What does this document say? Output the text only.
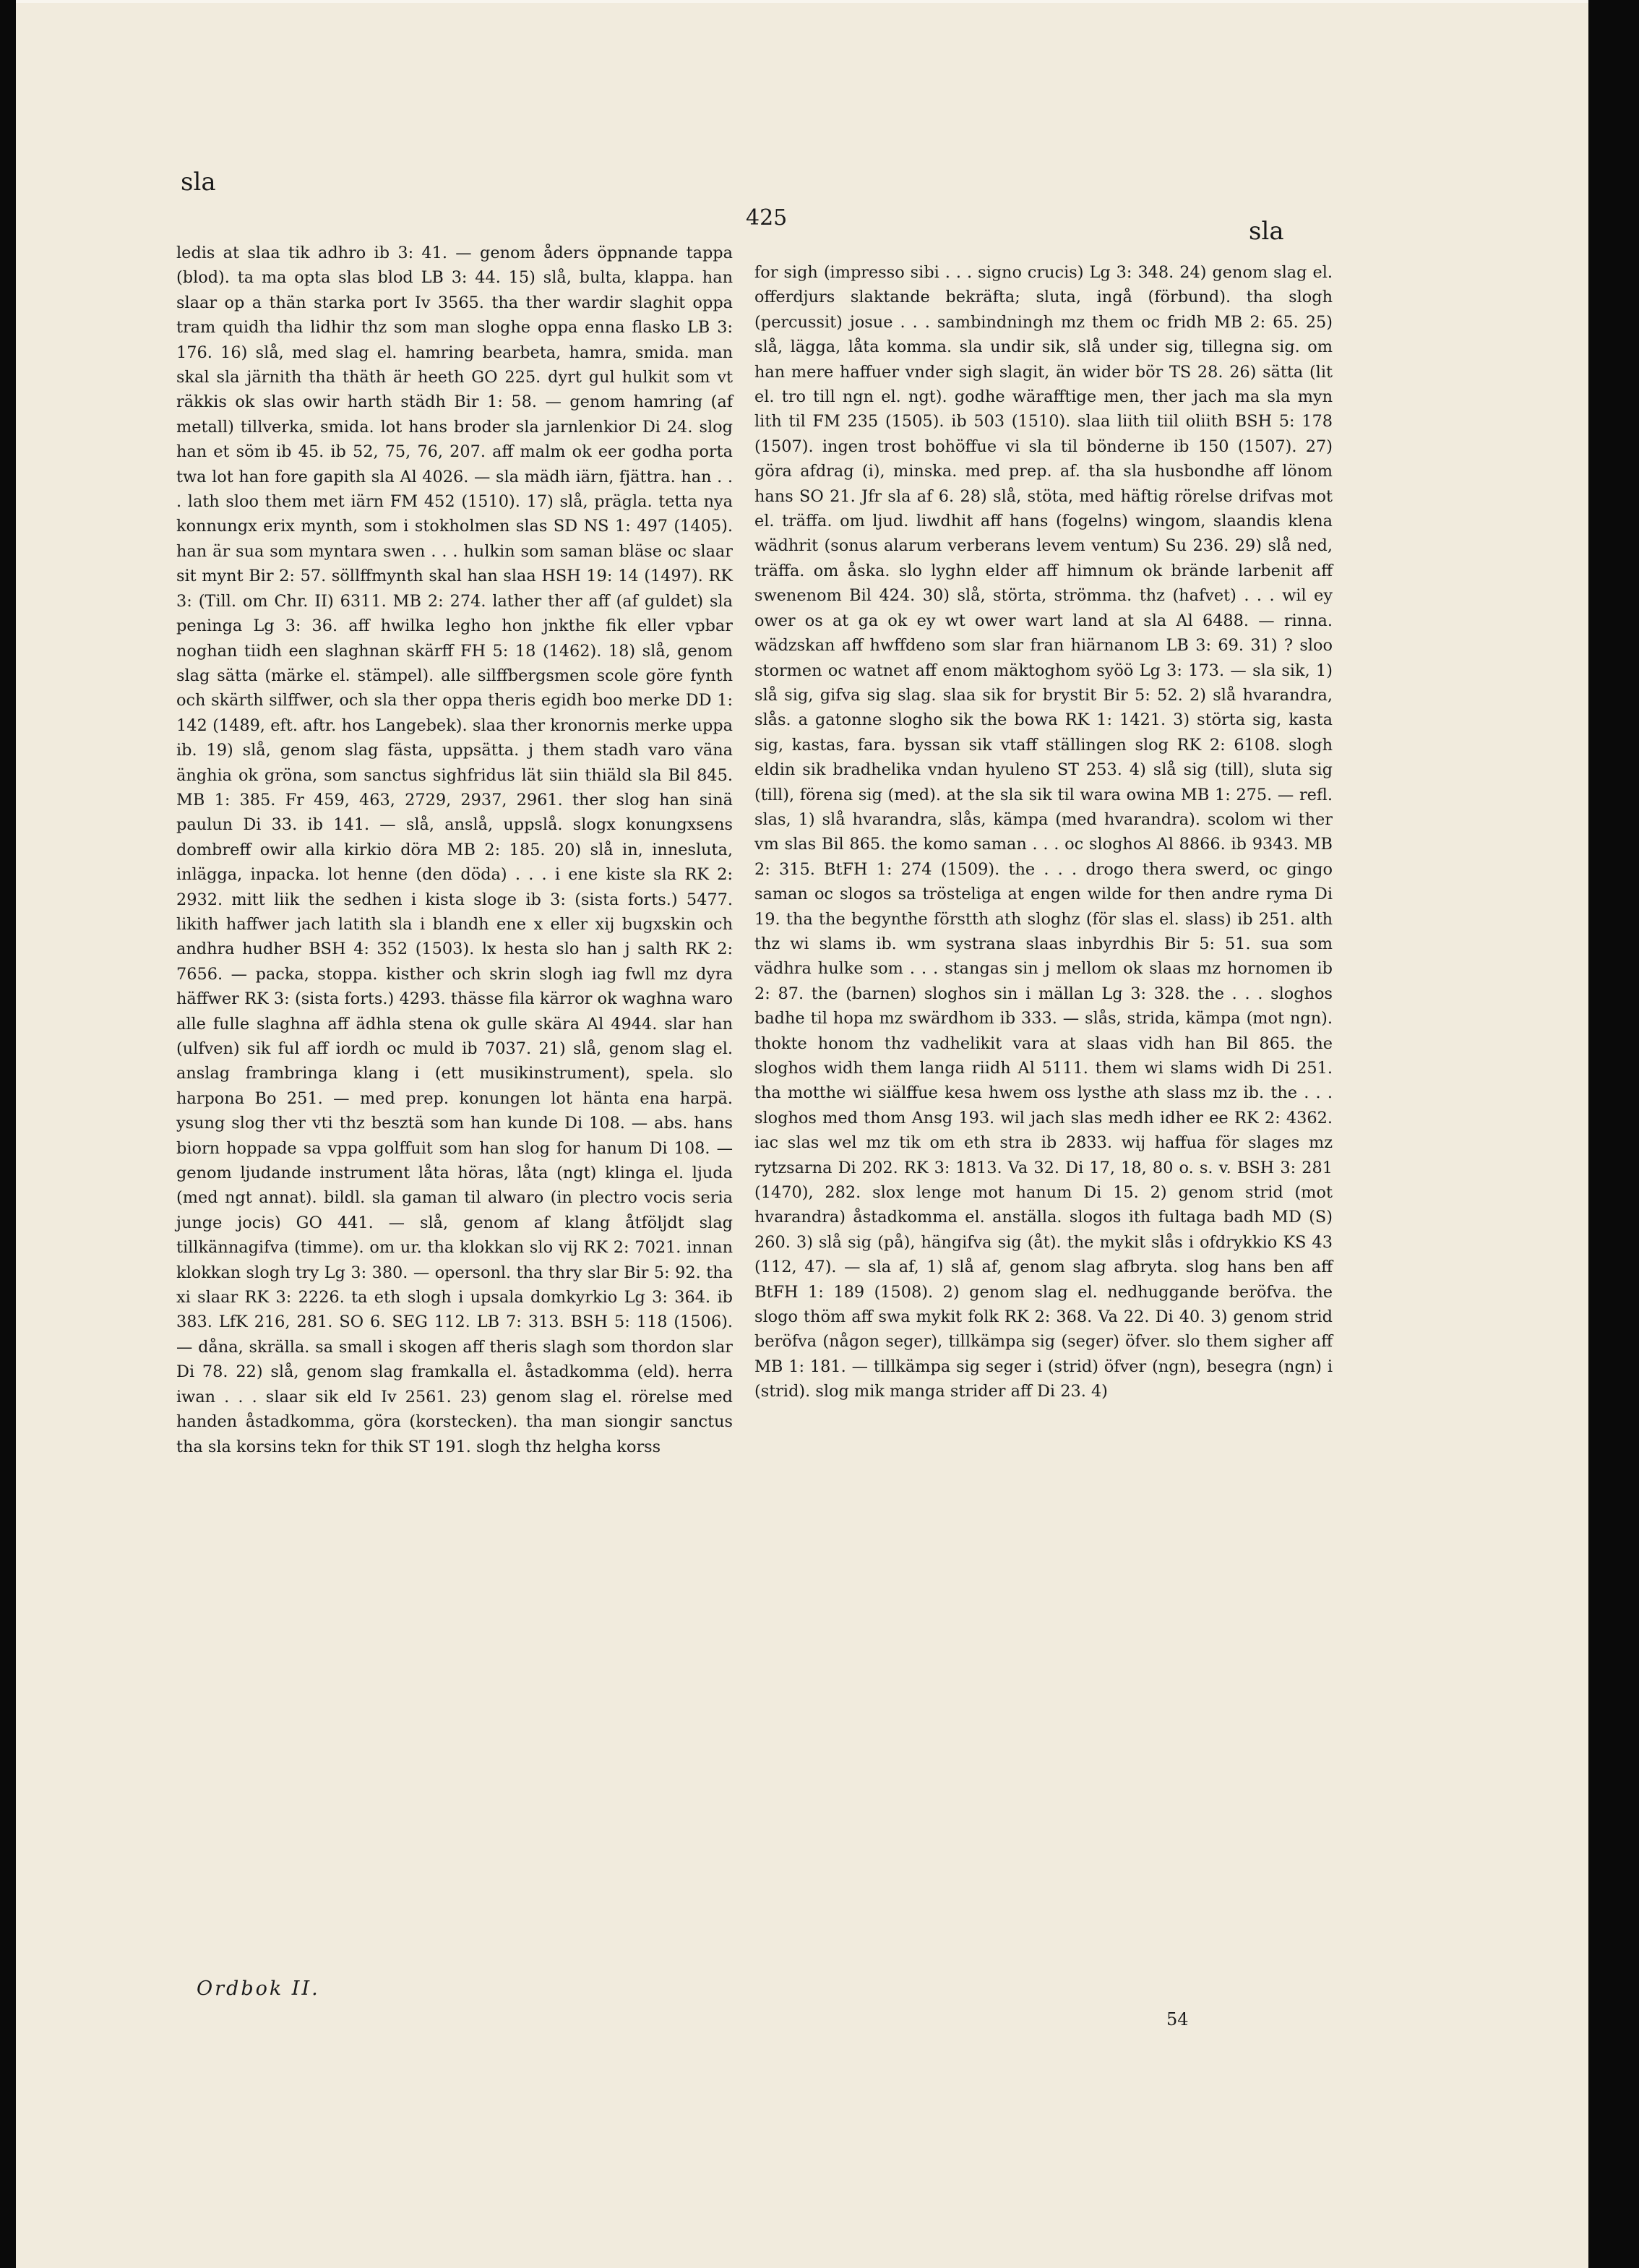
sla
425	sla

ledis at slaa tik adhro ib 3: 41. — genom åders öppnande tappa (blod). ta ma opta slas blod LB 3: 44. 15) slå, bulta, klappa. han slaar op a thän starka port Iv 3565. tha ther wardir slaghit oppa tram quidh tha lidhir thz som man sloghe oppa enna flasko LB 3: 176. 16) slå, med slag el. hamring bearbeta, hamra, smida. man skal sla järnith tha thäth är heeth GO 225. dyrt gul hulkit som vt räkkis ok slas owir harth städh Bir 1: 58. — genom hamring (af metall) tillverka, smida. lot hans broder sla jarnlenkior Di 24. slog han et söm ib 45. ib 52, 75, 76, 207. aff malm ok eer godha porta twa lot han fore gapith sla Al 4026. — sla mädh iärn, fjättra. han . . . lath sloo them met iärn FM 452 (1510). 17) slå, prägla. tetta nya konnungx erix mynth, som i stokholmen slas SD NS 1: 497 (1405). han är sua som myntara swen . . . hulkin som saman bläse oc slaar sit mynt Bir 2: 57. söllffmynth skal han slaa HSH 19: 14 (1497). RK 3: (Till. om Chr. II) 6311. MB 2: 274. lather ther aff (af guldet) sla peninga Lg 3: 36. aff hwilka legho hon jnkthe fik eller vpbar noghan tiidh een slaghnan skärff FH 5: 18 (1462). 18) slå, genom slag sätta (märke el. stämpel). alle silffbergsmen scole göre fynth och skärth silffwer, och sla ther oppa theris egidh boo merke DD 1: 142 (1489, eft. aftr. hos Langebek). slaa ther kronornis merke uppa ib. 19) slå, genom slag fästa, uppsätta. j them stadh varo väna änghia ok gröna, som sanctus sighfridus lät siin thiäld sla Bil 845. MB 1: 385. Fr 459, 463, 2729, 2937, 2961. ther slog han sinä paulun Di 33. ib 141. — slå, anslå, uppslå. slogx konungxsens dombreff owir alla kirkio döra MB 2: 185. 20) slå in, inneslutа, inlägga, inpacka. lot henne (den döda) . . . i ene kiste sla RK 2: 2932. mitt liik the sedhen i kista sloge ib 3: (sista forts.) 5477. likith haffwer jach latith sla i blandh ene x eller xij bugxskin och andhra hudher BSH 4: 352 (1503). lx hesta slo han j salth RK 2: 7656. — packa, stoppa. kisther och skrin slogh iag fwll mz dyra häffwer RK 3: (sista forts.) 4293. thässe fila kärror ok waghna waro alle fulle slaghna aff ädhla stena ok gulle skära Al 4944. slar han (ulfven) sik ful aff iordh oc muld ib 7037. 21) slå, genom slag el. anslag frambringa klang i (ett musikinstrument), spela. slo harpona Bo 251. — med prep. konungen lot hänta ena harpä. ysung slog ther vti thz besztä som han kunde Di 108. — abs. hans biorn hoppade sa vppa golffuit som han slog for hanum Di 108. — genom ljudande instrument låta höras, låta (ngt) klinga el. ljuda (med ngt annat). bildl. sla gaman til alwaro (in plectro vocis seria junge jocis) GO 441. — slå, genom af klang åtföljdt slag tillkännagifva (timme). om ur. tha klokkan slo vij RK 2: 7021. innan klokkan slogh try Lg 3: 380. — opersonl. tha thry slar Bir 5: 92. tha xi slaar RK 3: 2226. ta eth slogh i upsala domkyrkio Lg 3: 364. ib 383. LfK 216, 281. SO 6. SEG 112. LB 7: 313. BSH 5: 118 (1506). — dåna, skrälla. sa small i skogen aff theris slagh som thordon slar Di 78. 22) slå, genom slag framkalla el. åstadkomma (eld). herra iwan . . . slaar sik eld Iv 2561. 23) genom slag el. rörelse med handen åstadkomma, göra (korstecken). tha man siongir sanctus tha sla korsins tekn for thik ST 191. slogh thz helgha korss

for sigh (impresso sibi . . . signo crucis) Lg 3: 348. 24) genom slag el. offerdjurs slaktande bekräfta; sluta, ingå (förbund). tha slogh (percussit) josue . . . sambindningh mz them oc fridh MB 2: 65. 25) slå, lägga, låta komma. sla undir sik, slå under sig, tillegna sig. om han mere haffuer vnder sigh slagit, än wider bör TS 28. 26) sätta (lit el. tro till ngn el. ngt). godhe wärafftige men, ther jach ma sla myn lith til FM 235 (1505). ib 503 (1510). slaa liith tiil oliith BSH 5: 178 (1507). ingen trost bohöffue vi sla til bönderne ib 150 (1507). 27) göra afdrag (i), minska. med prep. af. tha sla husbondhe aff lönom hans SO 21. Jfr sla af 6. 28) slå, stöta, med häftig rörelse drifvas mot el. träffa. om ljud. liwdhit aff hans (fogelns) wingom, slaandis klena wädhrit (sonus alarum verberans levem ventum) Su 236. 29) slå ned, träffa. om åska. slo lyghn elder aff himnum ok brände larbenit aff swenenom Bil 424. 30) slå, störta, strömma. thz (hafvet) . . . wil ey ower os at ga ok ey wt ower wart land at sla Al 6488. — rinna. wädzskan aff hwffdeno som slar fran hiärnanom LB 3: 69. 31) ? sloo stormen oc watnet aff enom mäktoghom syöö Lg 3: 173. — sla sik, 1) slå sig, gifva sig slag. slaa sik for brystit Bir 5: 52. 2) slå hvarandra, slås. a gatonne slogho sik the bowa RK 1: 1421. 3) störta sig, kasta sig, kastas, fara. byssan sik vtaff ställingen slog RK 2: 6108. slogh eldin sik bradhelika vndan hyuleno ST 253. 4) slå sig (till), sluta sig (till), förena sig (med). at the sla sik til wara owina MB 1: 275. — refl. slas, 1) slå hvarandra, slås, kämpa (med hvarandra). scolom wi ther vm slas Bil 865. the komo saman . . . oc sloghos Al 8866. ib 9343. MB 2: 315. BtFH 1: 274 (1509). the . . . drogo thera swerd, oc gingo saman oc slogos sa trösteliga at engen wilde for then andre ryma Di 19. tha the begynthe förstth ath sloghz (för slas el. slass) ib 251. alth thz wi slams ib. wm systrana slaas inbyrdhis Bir 5: 51. sua som vädhra hulke som . . . stangas sin j mellom ok slaas mz hornomen ib 2: 87. the (barnen) sloghos sin i mällan Lg 3: 328. the . . . sloghos badhe til hopa mz swärdhom ib 333. — slås, strida, kämpa (mot ngn). thokte honom thz vadhelikit vara at slaas vidh han Bil 865. the sloghos widh them langa riidh Al 5111. them wi slams widh Di 251. tha motthe wi siälffue kesa hwem oss lysthe ath slass mz ib. the . . . sloghos med thom Ansg 193. wil jach slas medh idher ee RK 2: 4362. iac slas wel mz tik om eth stra ib 2833. wij haffua för slages mz rytzsarna Di 202. RK 3: 1813. Va 32. Di 17, 18, 80 o. s. v. BSH 3: 281 (1470), 282. slox lenge mot hanum Di 15. 2) genom strid (mot hvarandra) åstadkomma el. anställa. slogos ith fultaga badh MD (S) 260. 3) slå sig (på), hängifva sig (åt). the mykit slås i ofdrykkio KS 43 (112, 47). — sla af, 1) slå af, genom slag afbryta. slog hans ben aff BtFH 1: 189 (1508). 2) genom slag el. nedhuggande beröfva. the slogo thöm aff swa mykit folk RK 2: 368. Va 22. Di 40. 3) genom strid beröfva (någon seger), tillkämpa sig (seger) öfver. slo them sigher aff MB 1: 181. — tillkämpa sig seger i (strid) öfver (ngn), besegra (ngn) i (strid). slog mik manga strider aff Di 23. 4)

Ordbok II.
54
